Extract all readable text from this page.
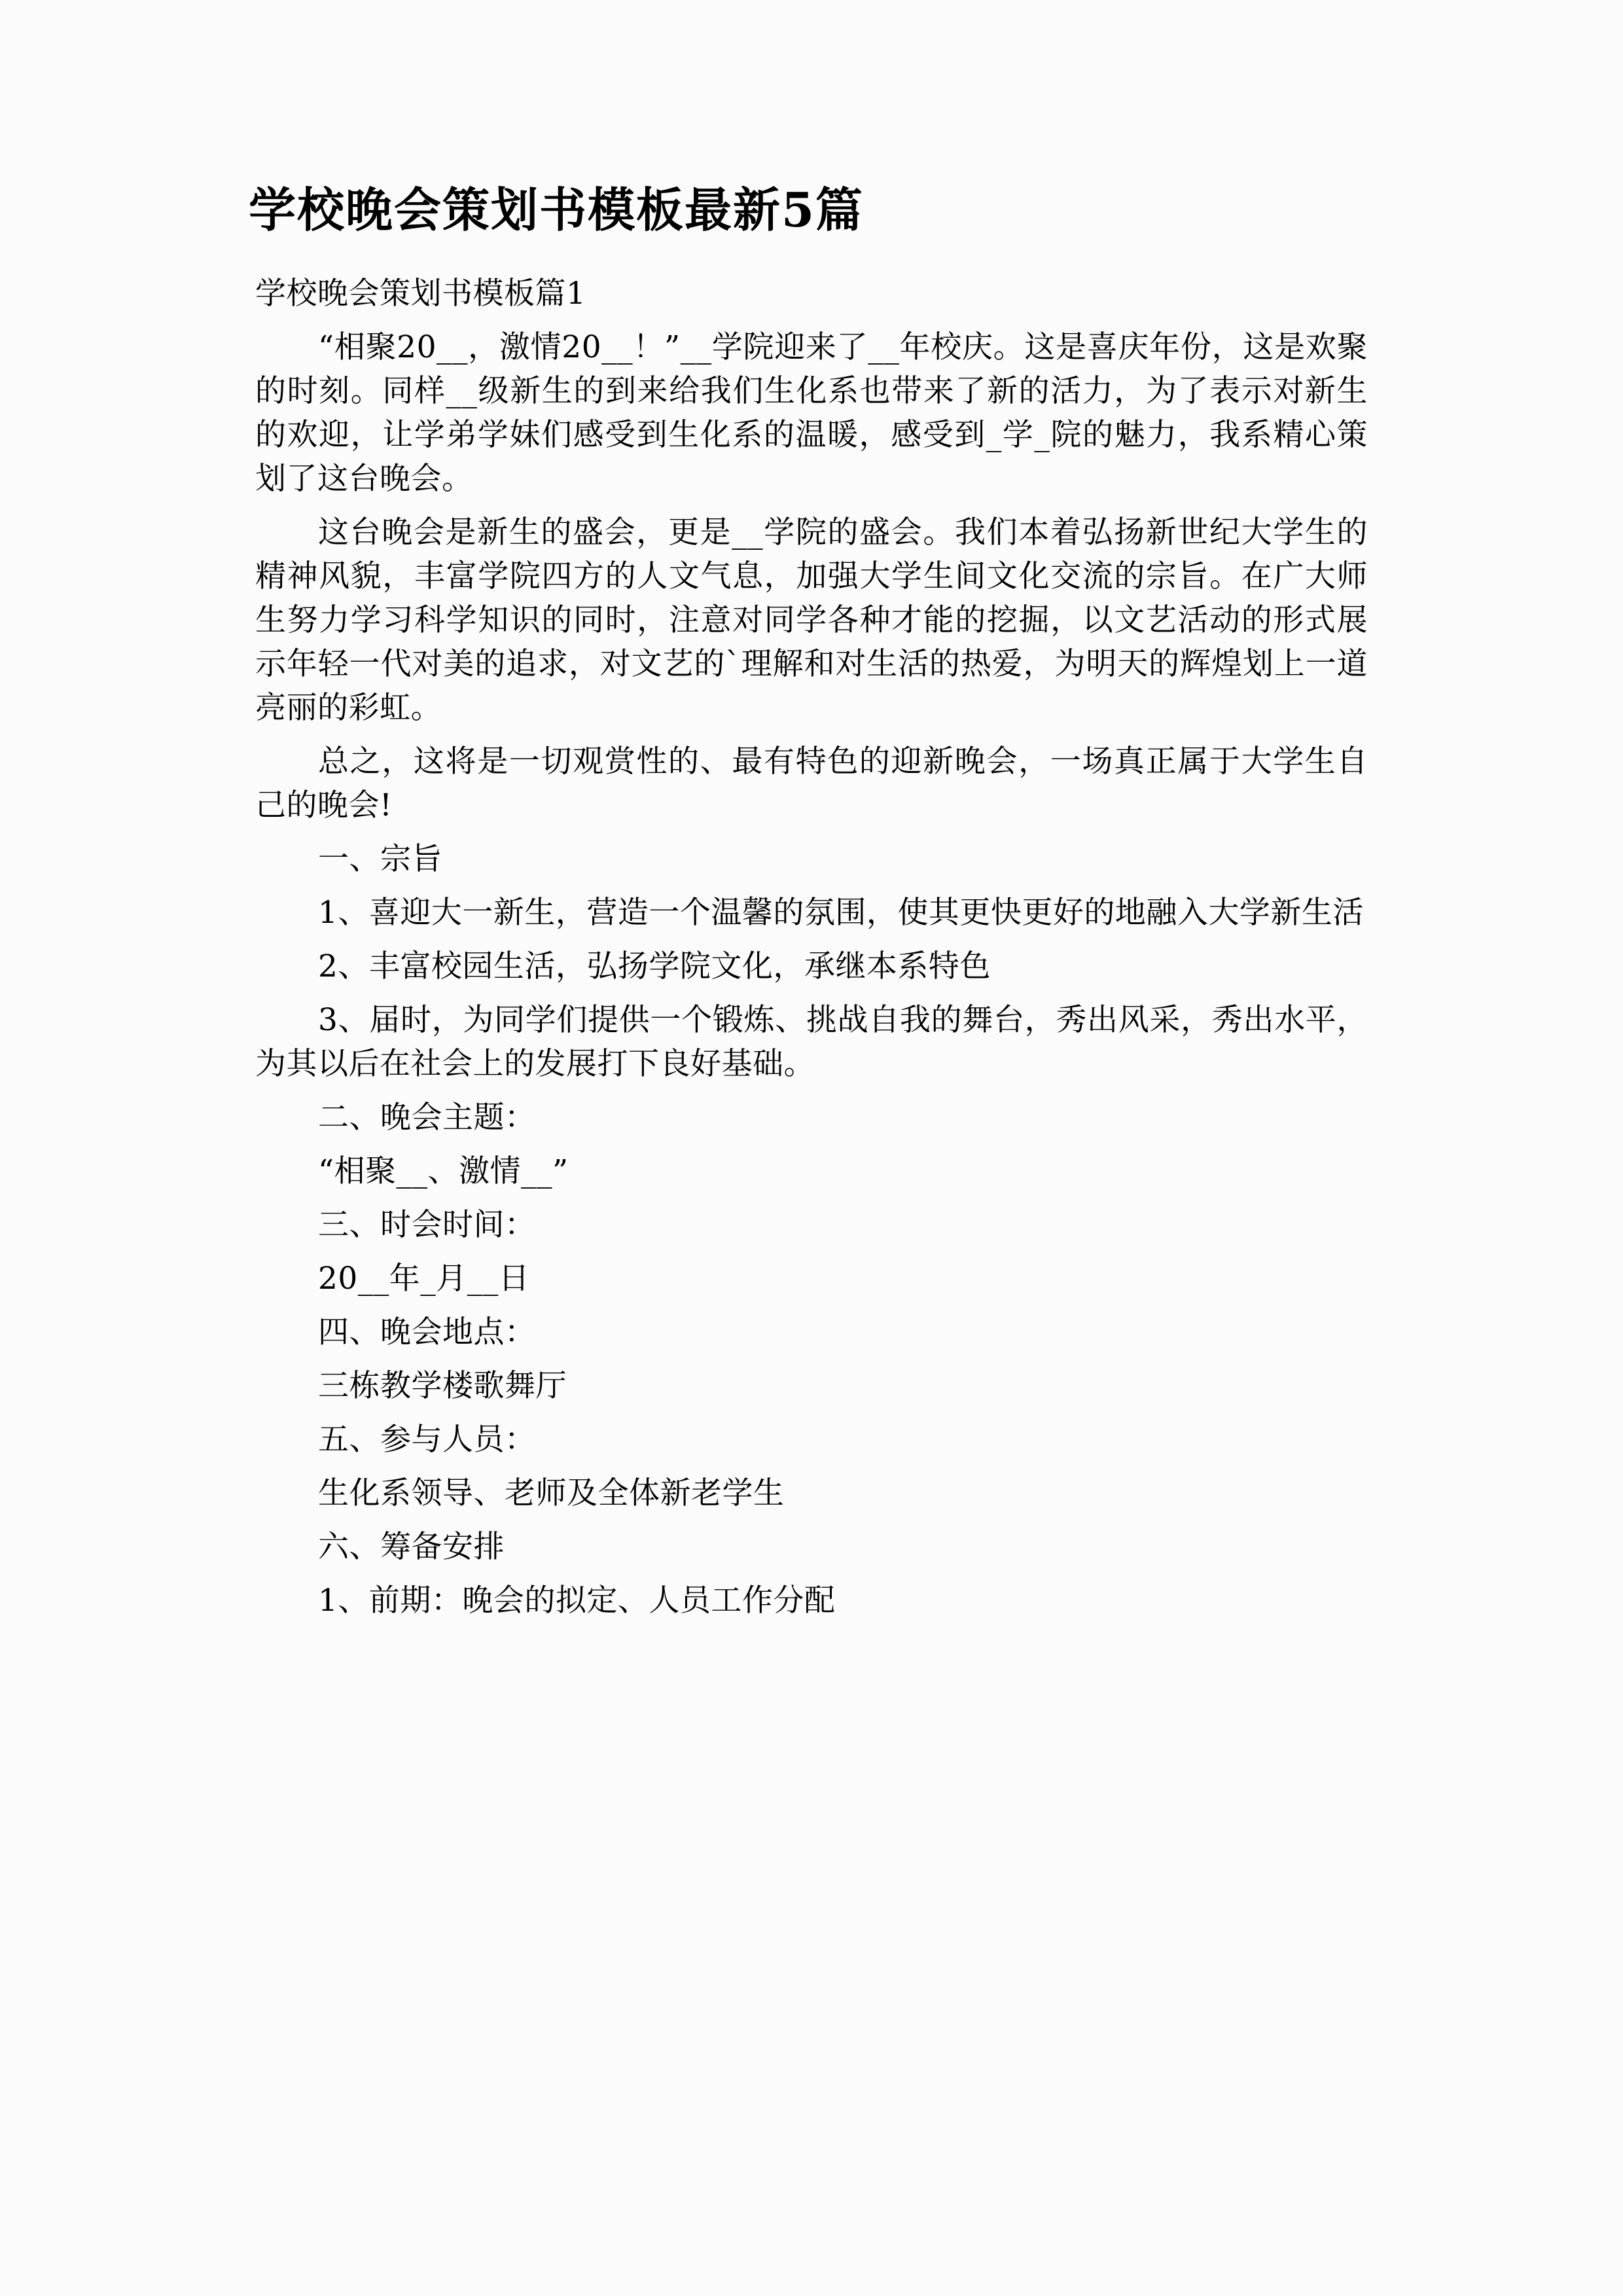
学校晚会策划书模板最新5篇

学校晚会策划书模板篇1

“相聚20__，激情20__！”__学院迎来了__年校庆。这是喜庆年份，这是欢聚的时刻。同样__级新生的到来给我们生化系也带来了新的活力，为了表示对新生的欢迎，让学弟学妹们感受到生化系的温暖，感受到_学_院的魅力，我系精心策划了这台晚会。

这台晚会是新生的盛会，更是__学院的盛会。我们本着弘扬新世纪大学生的精神风貌，丰富学院四方的人文气息，加强大学生间文化交流的宗旨。在广大师生努力学习科学知识的同时，注意对同学各种才能的挖掘，以文艺活动的形式展示年轻一代对美的追求，对文艺的`理解和对生活的热爱，为明天的辉煌划上一道亮丽的彩虹。

总之，这将是一切观赏性的、最有特色的迎新晚会，一场真正属于大学生自己的晚会!

一、宗旨

1、喜迎大一新生，营造一个温馨的氛围，使其更快更好的地融入大学新生活

2、丰富校园生活，弘扬学院文化，承继本系特色

3、届时，为同学们提供一个锻炼、挑战自我的舞台，秀出风采，秀出水平，为其以后在社会上的发展打下良好基础。

二、晚会主题：

“相聚__、激情__”

三、时会时间：

20__年_月__日

四、晚会地点：

三栋教学楼歌舞厅

五、参与人员：

生化系领导、老师及全体新老学生

六、筹备安排

1、前期：晚会的拟定、人员工作分配
